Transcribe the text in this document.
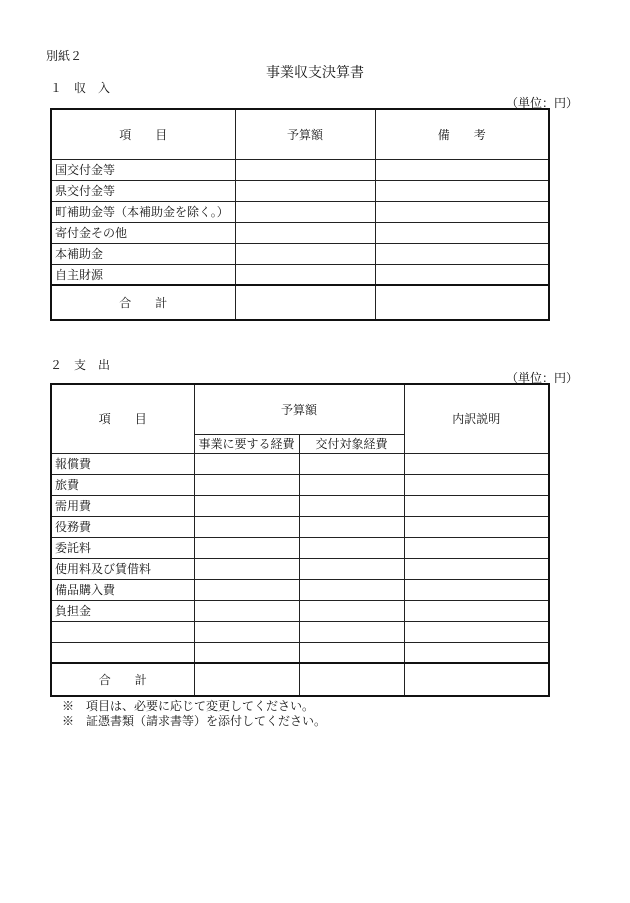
別紙２
事業収支決算書
１　収　入
（単位：円）
項　　目	予算額	備　　考
国交付金等		
県交付金等		
町補助金等（本補助金を除く。）		
寄付金その他		
本補助金		
自主財源		
合　　計		
２　支　出
（単位：円）
項　　目	予算額		内訳説明
	事業に要する経費	交付対象経費	
報償費			
旅費			
需用費			
役務費			
委託料			
使用料及び賃借料			
備品購入費			
負担金			

合　　計			
※　項目は、必要に応じて変更してください。
※　証憑書類（請求書等）を添付してください。
